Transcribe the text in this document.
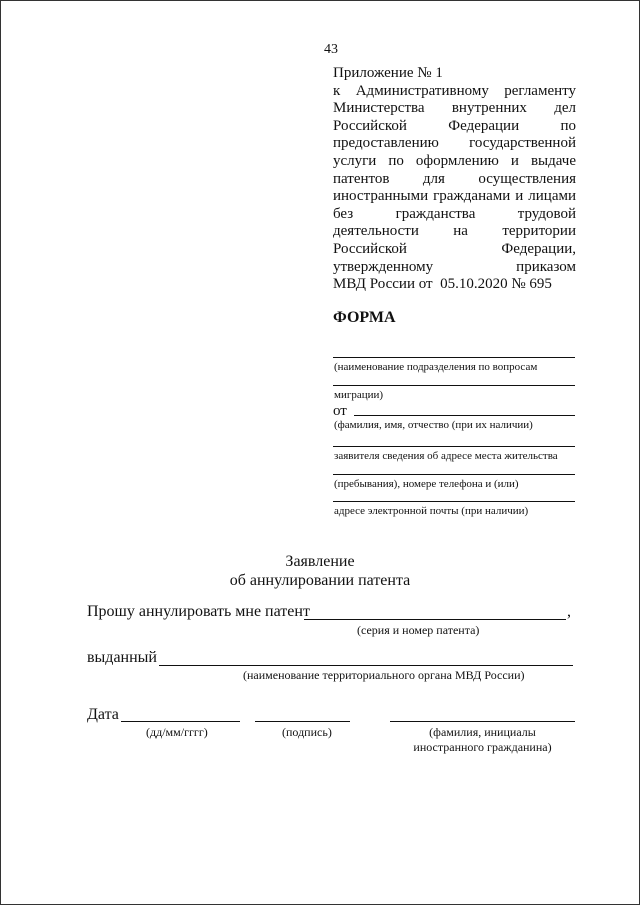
43
Приложение № 1
к Административному регламенту
Министерства внутренних дел
Российской Федерации по
предоставлению государственной
услуги по оформлению и выдаче
патентов для осуществления
иностранными гражданами и лицами
без гражданства трудовой
деятельности на территории
Российской Федерации,
утвержденному приказом
МВД России от 05.10.2020 № 695
ФОРМА
(наименование подразделения по вопросам
миграции)
от
(фамилия, имя, отчество (при их наличии)
заявителя сведения об адресе места жительства
(пребывания), номере телефона и (или)
адресе электронной почты (при наличии)
Заявление
об аннулировании патента
Прошу аннулировать мне патент	,
(серия и номер патента)
выданный
(наименование территориального органа МВД России)
Дата
(дд/мм/гггг)	(подпись)	(фамилия, инициалы
иностранного гражданина)
